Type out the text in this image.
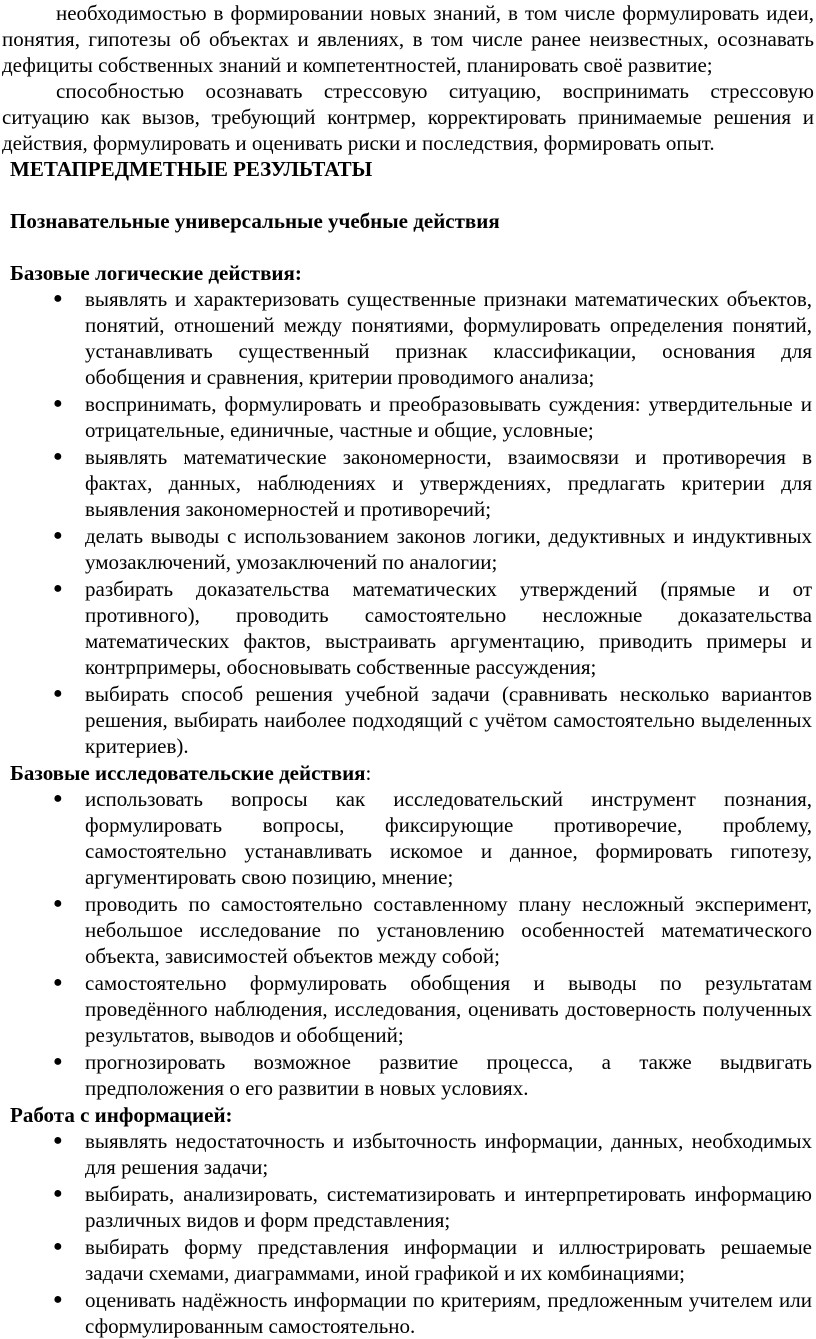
необходимостью в формировании новых знаний, в том числе формулировать идеи, понятия, гипотезы об объектах и явлениях, в том числе ранее неизвестных, осознавать дефициты собственных знаний и компетентностей, планировать своё развитие;

способностью осознавать стрессовую ситуацию, воспринимать стрессовую ситуацию как вызов, требующий контрмер, корректировать принимаемые решения и действия, формулировать и оценивать риски и последствия, формировать опыт.

МЕТАПРЕДМЕТНЫЕ РЕЗУЛЬТАТЫ
Познавательные универсальные учебные действия
Базовые логические действия:
● выявлять и характеризовать существенные признаки математических объектов, понятий, отношений между понятиями, формулировать определения понятий, устанавливать существенный признак классификации, основания для обобщения и сравнения, критерии проводимого анализа;
● воспринимать, формулировать и преобразовывать суждения: утвердительные и отрицательные, единичные, частные и общие, условные;
● выявлять математические закономерности, взаимосвязи и противоречия в фактах, данных, наблюдениях и утверждениях, предлагать критерии для выявления закономерностей и противоречий;
● делать выводы с использованием законов логики, дедуктивных и индуктивных умозаключений, умозаключений по аналогии;
● разбирать доказательства математических утверждений (прямые и от противного), проводить самостоятельно несложные доказательства математических фактов, выстраивать аргументацию, приводить примеры и контрпримеры, обосновывать собственные рассуждения;
● выбирать способ решения учебной задачи (сравнивать несколько вариантов решения, выбирать наиболее подходящий с учётом самостоятельно выделенных критериев).
Базовые исследовательские действия:
● использовать вопросы как исследовательский инструмент познания, формулировать вопросы, фиксирующие противоречие, проблему, самостоятельно устанавливать искомое и данное, формировать гипотезу, аргументировать свою позицию, мнение;
● проводить по самостоятельно составленному плану несложный эксперимент, небольшое исследование по установлению особенностей математического объекта, зависимостей объектов между собой;
● самостоятельно формулировать обобщения и выводы по результатам проведённого наблюдения, исследования, оценивать достоверность полученных результатов, выводов и обобщений;
● прогнозировать возможное развитие процесса, а также выдвигать предположения о его развитии в новых условиях.
Работа с информацией:
● выявлять недостаточность и избыточность информации, данных, необходимых для решения задачи;
● выбирать, анализировать, систематизировать и интерпретировать информацию различных видов и форм представления;
● выбирать форму представления информации и иллюстрировать решаемые задачи схемами, диаграммами, иной графикой и их комбинациями;
● оценивать надёжность информации по критериям, предложенным учителем или сформулированным самостоятельно.
